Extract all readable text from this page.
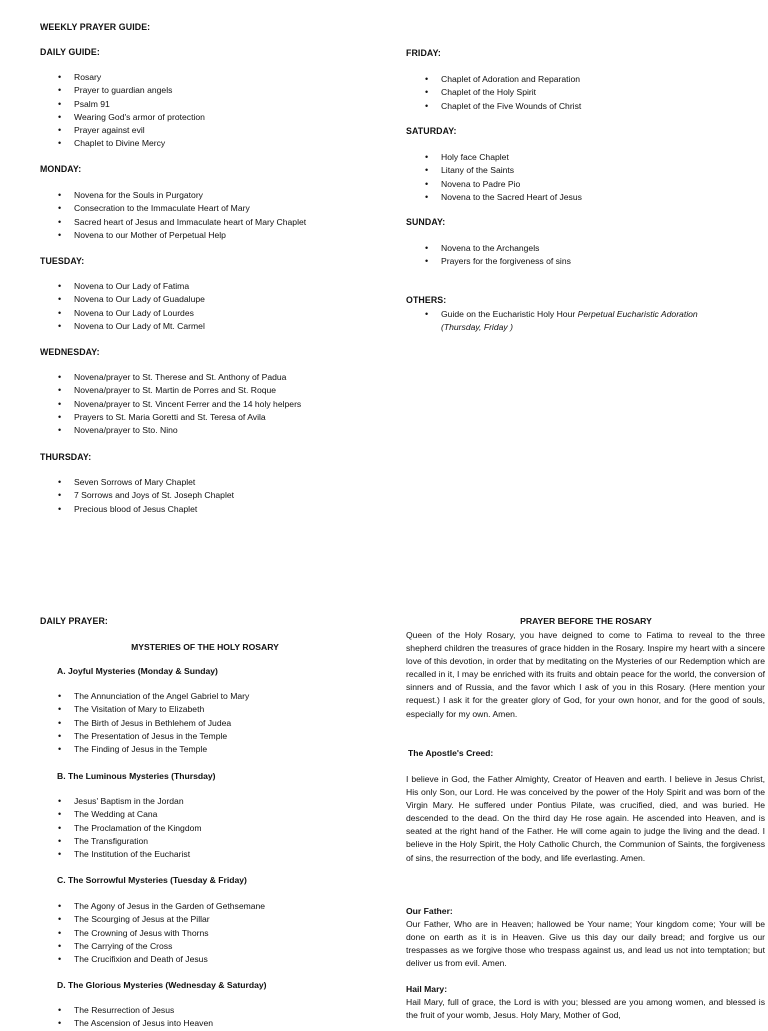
WEEKLY PRAYER GUIDE:
DAILY GUIDE:
• Rosary
• Prayer to guardian angels
• Psalm 91
• Wearing God's armor of protection
• Prayer against evil
• Chaplet to Divine Mercy
MONDAY:
• Novena for the Souls in Purgatory
• Consecration to the Immaculate Heart of Mary
• Sacred heart of Jesus and Immaculate heart of Mary Chaplet
• Novena to our Mother of Perpetual Help
TUESDAY:
• Novena to Our Lady of Fatima
• Novena to Our Lady of Guadalupe
• Novena to Our Lady of Lourdes
• Novena to Our Lady of Mt. Carmel
WEDNESDAY:
• Novena/prayer to St. Therese and St. Anthony of Padua
• Novena/prayer to St. Martin de Porres and St. Roque
• Novena/prayer to St. Vincent Ferrer and the 14 holy helpers
• Prayers to St. Maria Goretti and St. Teresa of Avila
• Novena/prayer to Sto. Nino
THURSDAY:
• Seven Sorrows of Mary Chaplet
• 7 Sorrows and Joys of St. Joseph Chaplet
• Precious blood of Jesus Chaplet
FRIDAY:
• Chaplet of Adoration and Reparation
• Chaplet of the Holy Spirit
• Chaplet of the Five Wounds of Christ
SATURDAY:
• Holy face Chaplet
• Litany of the Saints
• Novena to Padre Pio
• Novena to the Sacred Heart of Jesus
SUNDAY:
• Novena to the Archangels
• Prayers for the forgiveness of sins
OTHERS:
• Guide on the Eucharistic Holy Hour Perpetual Eucharistic Adoration
(Thursday, Friday )
DAILY PRAYER:
MYSTERIES OF THE HOLY ROSARY
A. Joyful Mysteries (Monday & Sunday)
• The Annunciation of the Angel Gabriel to Mary
• The Visitation of Mary to Elizabeth
• The Birth of Jesus in Bethlehem of Judea
• The Presentation of Jesus in the Temple
• The Finding of Jesus in the Temple
B. The Luminous Mysteries (Thursday)
• Jesus' Baptism in the Jordan
• The Wedding at Cana
• The Proclamation of the Kingdom
• The Transfiguration
• The Institution of the Eucharist
C. The Sorrowful Mysteries (Tuesday & Friday)
• The Agony of Jesus in the Garden of Gethsemane
• The Scourging of Jesus at the Pillar
• The Crowning of Jesus with Thorns
• The Carrying of the Cross
• The Crucifixion and Death of Jesus
D. The Glorious Mysteries (Wednesday & Saturday)
• The Resurrection of Jesus
• The Ascension of Jesus into Heaven
PRAYER BEFORE THE ROSARY
Queen of the Holy Rosary, you have deigned to come to Fatima to reveal to the three shepherd children the treasures of grace hidden in the Rosary. Inspire my heart with a sincere love of this devotion, in order that by meditating on the Mysteries of our Redemption which are recalled in it, I may be enriched with its fruits and obtain peace for the world, the conversion of sinners and of Russia, and the favor which I ask of you in this Rosary. (Here mention your request.) I ask it for the greater glory of God, for your own honor, and for the good of souls, especially for my own. Amen.
The Apostle's Creed:
I believe in God, the Father Almighty, Creator of Heaven and earth. I believe in Jesus Christ, His only Son, our Lord. He was conceived by the power of the Holy Spirit and was born of the Virgin Mary. He suffered under Pontius Pilate, was crucified, died, and was buried. He descended to the dead. On the third day He rose again. He ascended into Heaven, and is seated at the right hand of the Father. He will come again to judge the living and the dead. I believe in the Holy Spirit, the Holy Catholic Church, the Communion of Saints, the forgiveness of sins, the resurrection of the body, and life everlasting. Amen.
Our Father:
Our Father, Who are in Heaven; hallowed be Your name; Your kingdom come; Your will be done on earth as it is in Heaven. Give us this day our daily bread; and forgive us our trespasses as we forgive those who trespass against us, and lead us not into temptation; but deliver us from evil. Amen.
Hail Mary:
Hail Mary, full of grace, the Lord is with you; blessed are you among women, and blessed is the fruit of your womb, Jesus. Holy Mary, Mother of God,
